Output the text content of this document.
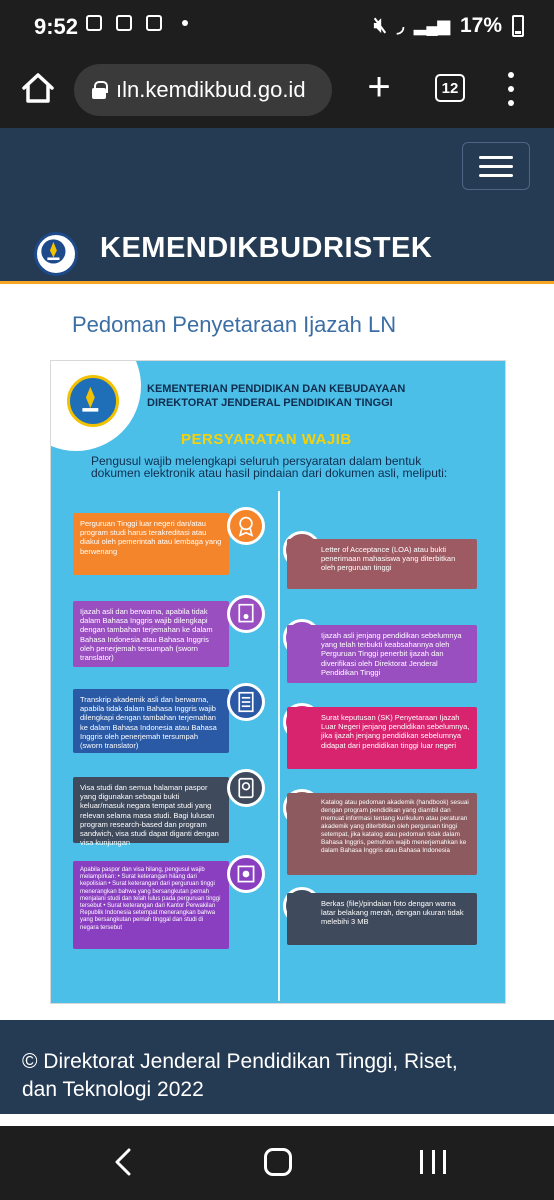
9:52	🔇︎ ◞ ▂▄▆ 17%
ıln.kemdikbud.go.id +	12
KEMENDIKBUDRISTEK
Pedoman Penyetaraan Ijazah LN
KEMENTERIAN PENDIDIKAN DAN KEBUDAYAAN
DIREKTORAT JENDERAL PENDIDIKAN TINGGI
PERSYARATAN WAJIB
Pengusul wajib melengkapi seluruh persyaratan dalam bentuk dokumen elektronik atau hasil pindaian dari dokumen asli, meliputi:
Perguruan Tinggi luar negeri dan/atau program studi harus terakreditasi atau diakui oleh pemerintah atau lembaga yang berwenang
Ijazah asli dan berwarna, apabila tidak dalam Bahasa Inggris wajib dilengkapi dengan tambahan terjemahan ke dalam Bahasa Indonesia atau Bahasa Inggris oleh penerjemah tersumpah (sworn translator)
Transkrip akademik asli dan berwarna, apabila tidak dalam Bahasa Inggris wajib dilengkapi dengan tambahan terjemahan ke dalam Bahasa Indonesia atau Bahasa Inggris oleh penerjemah tersumpah (sworn translator)
Visa studi dan semua halaman paspor yang digunakan sebagai bukti keluar/masuk negara tempat studi yang relevan selama masa studi. Bagi lulusan program research-based dan program sandwich, visa studi dapat diganti dengan visa kunjungan
Apabila paspor dan visa hilang, pengusul wajib melampirkan: • Surat keterangan hilang dari kepolisian • Surat keterangan dari perguruan tinggi menerangkan bahwa yang bersangkutan pernah menjalani studi dan telah lulus pada perguruan tinggi tersebut • Surat keterangan dari Kantor Perwakilan Republik Indonesia setempat menerangkan bahwa yang bersangkutan pernah tinggal dan studi di negara tersebut
Letter of Acceptance (LOA) atau bukti penerimaan mahasiswa yang diterbitkan oleh perguruan tinggi
Ijazah asli jenjang pendidikan sebelumnya yang telah terbukti keabsahannya oleh Perguruan Tinggi penerbit ijazah dan diverifikasi oleh Direktorat Jenderal Pendidikan Tinggi
Surat keputusan (SK) Penyetaraan Ijazah Luar Negeri jenjang pendidikan sebelumnya, jika ijazah jenjang pendidikan sebelumnya didapat dari pendidikan tinggi luar negeri
Katalog atau pedoman akademik (handbook) sesuai dengan program pendidikan yang diambil dan memuat informasi tentang kurikulum atau peraturan akademik yang diterbitkan oleh perguruan tinggi setempat, jika katalog atau pedoman tidak dalam Bahasa Inggris, pemohon wajib menerjemahkan ke dalam Bahasa Inggris atau Bahasa Indonesia
Berkas (file)/pindaian foto dengan warna latar belakang merah, dengan ukuran tidak melebihi 3 MB
© Direktorat Jenderal Pendidikan Tinggi, Riset,
dan Teknologi 2022
